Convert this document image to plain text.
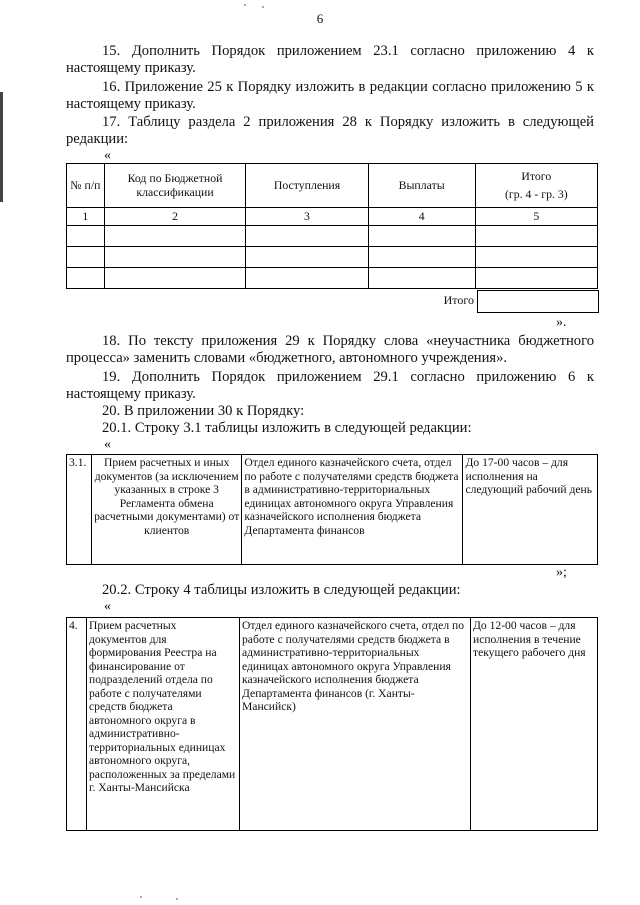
6
15. Дополнить Порядок приложением 23.1 согласно приложению 4 к настоящему приказу.
16. Приложение 25 к Порядку изложить в редакции согласно приложению 5 к настоящему приказу.
17. Таблицу раздела 2 приложения 28 к Порядку изложить в следующей редакции:
«
№ п/п	Код по Бюджетной классификации	Поступления	Выплаты	Итого
(гр. 4 - гр. 3)

1	2	3	4	5

Итого
».
18. По тексту приложения 29 к Порядку слова «неучастника бюджетного процесса» заменить словами «бюджетного, автономного учреждения».
19. Дополнить Порядок приложением 29.1 согласно приложению 6 к настоящему приказу.
20. В приложении 30 к Порядку:
20.1. Строку 3.1 таблицы изложить в следующей редакции:
«
3.1.	Прием расчетных и иных документов (за исключением указанных в строке 3 Регламента обмена расчетными документами) от клиентов	Отдел единого казначейского счета, отдел по работе с получателями средств бюджета в административно-территориальных единицах автономного округа Управления казначейского исполнения бюджета Департамента финансов	До 17-00 часов – для исполнения на следующий рабочий день
»;
20.2. Строку 4 таблицы изложить в следующей редакции:
«
4.	Прием расчетных документов для формирования Реестра на финансирование от подразделений отдела по работе с получателями средств бюджета автономного округа в административно-территориальных единицах автономного округа, расположенных за пределами г. Ханты-Мансийска	Отдел единого казначейского счета, отдел по работе с получателями средств бюджета в административно-территориальных единицах автономного округа Управления казначейского исполнения бюджета Департамента финансов (г. Ханты-Мансийск)	До 12-00 часов – для исполнения в течение текущего рабочего дня
